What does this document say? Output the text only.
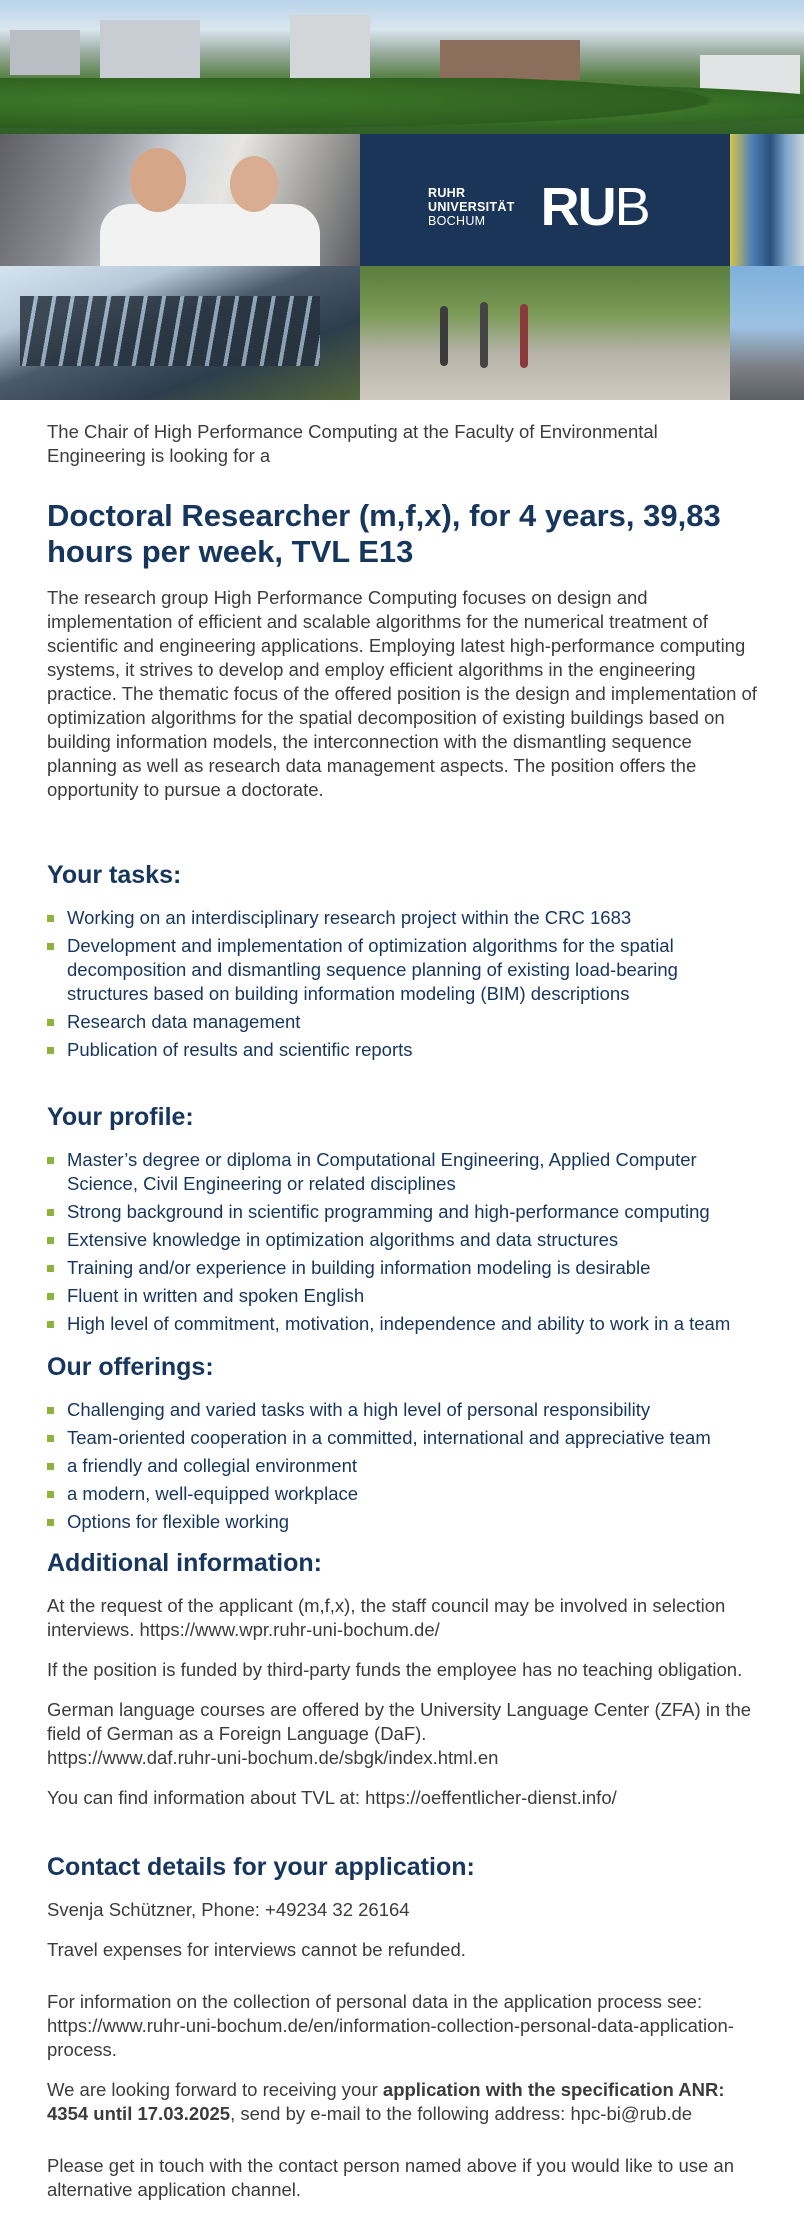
RUHR
UNIVERSITÄT
BOCHUM	RUB

The Chair of High Performance Computing at the Faculty of Environmental Engineering is looking for a

Doctoral Researcher (m,f,x), for 4 years, 39,83 hours per week, TVL E13

The research group High Performance Computing focuses on design and implementation of efficient and scalable algorithms for the numerical treatment of scientific and engineering applications. Employing latest high-performance computing systems, it strives to develop and employ efficient algorithms in the engineering practice. The thematic focus of the offered position is the design and implementation of optimization algorithms for the spatial decomposition of existing buildings based on building information models, the interconnection with the dismantling sequence planning as well as research data management aspects. The position offers the opportunity to pursue a doctorate.

Your tasks:
Working on an interdisciplinary research project within the CRC 1683
Development and implementation of optimization algorithms for the spatial decomposition and dismantling sequence planning of existing load-bearing structures based on building information modeling (BIM) descriptions
Research data management
Publication of results and scientific reports
Your profile:
Master’s degree or diploma in Computational Engineering, Applied Computer Science, Civil Engineering or related disciplines
Strong background in scientific programming and high-performance computing
Extensive knowledge in optimization algorithms and data structures
Training and/or experience in building information modeling is desirable
Fluent in written and spoken English
High level of commitment, motivation, independence and ability to work in a team
Our offerings:
Challenging and varied tasks with a high level of personal responsibility
Team-oriented cooperation in a committed, international and appreciative team
a friendly and collegial environment
a modern, well-equipped workplace
Options for flexible working
Additional information:

At the request of the applicant (m,f,x), the staff council may be involved in selection interviews. https://www.wpr.ruhr-uni-bochum.de/

If the position is funded by third-party funds the employee has no teaching obligation.

German language courses are offered by the University Language Center (ZFA) in the field of German as a Foreign Language (DaF).
https://www.daf.ruhr-uni-bochum.de/sbgk/index.html.en

You can find information about TVL at: https://oeffentlicher-dienst.info/

Contact details for your application:

Svenja Schützner, Phone: +49234 32 26164

Travel expenses for interviews cannot be refunded.

For information on the collection of personal data in the application process see: https://www.ruhr-uni-bochum.de/en/information-collection-personal-data-application-process.

We are looking forward to receiving your application with the specification ANR: 4354 until 17.03.2025, send by e-mail to the following address: hpc-bi@rub.de

Please get in touch with the contact person named above if you would like to use an alternative application channel.
